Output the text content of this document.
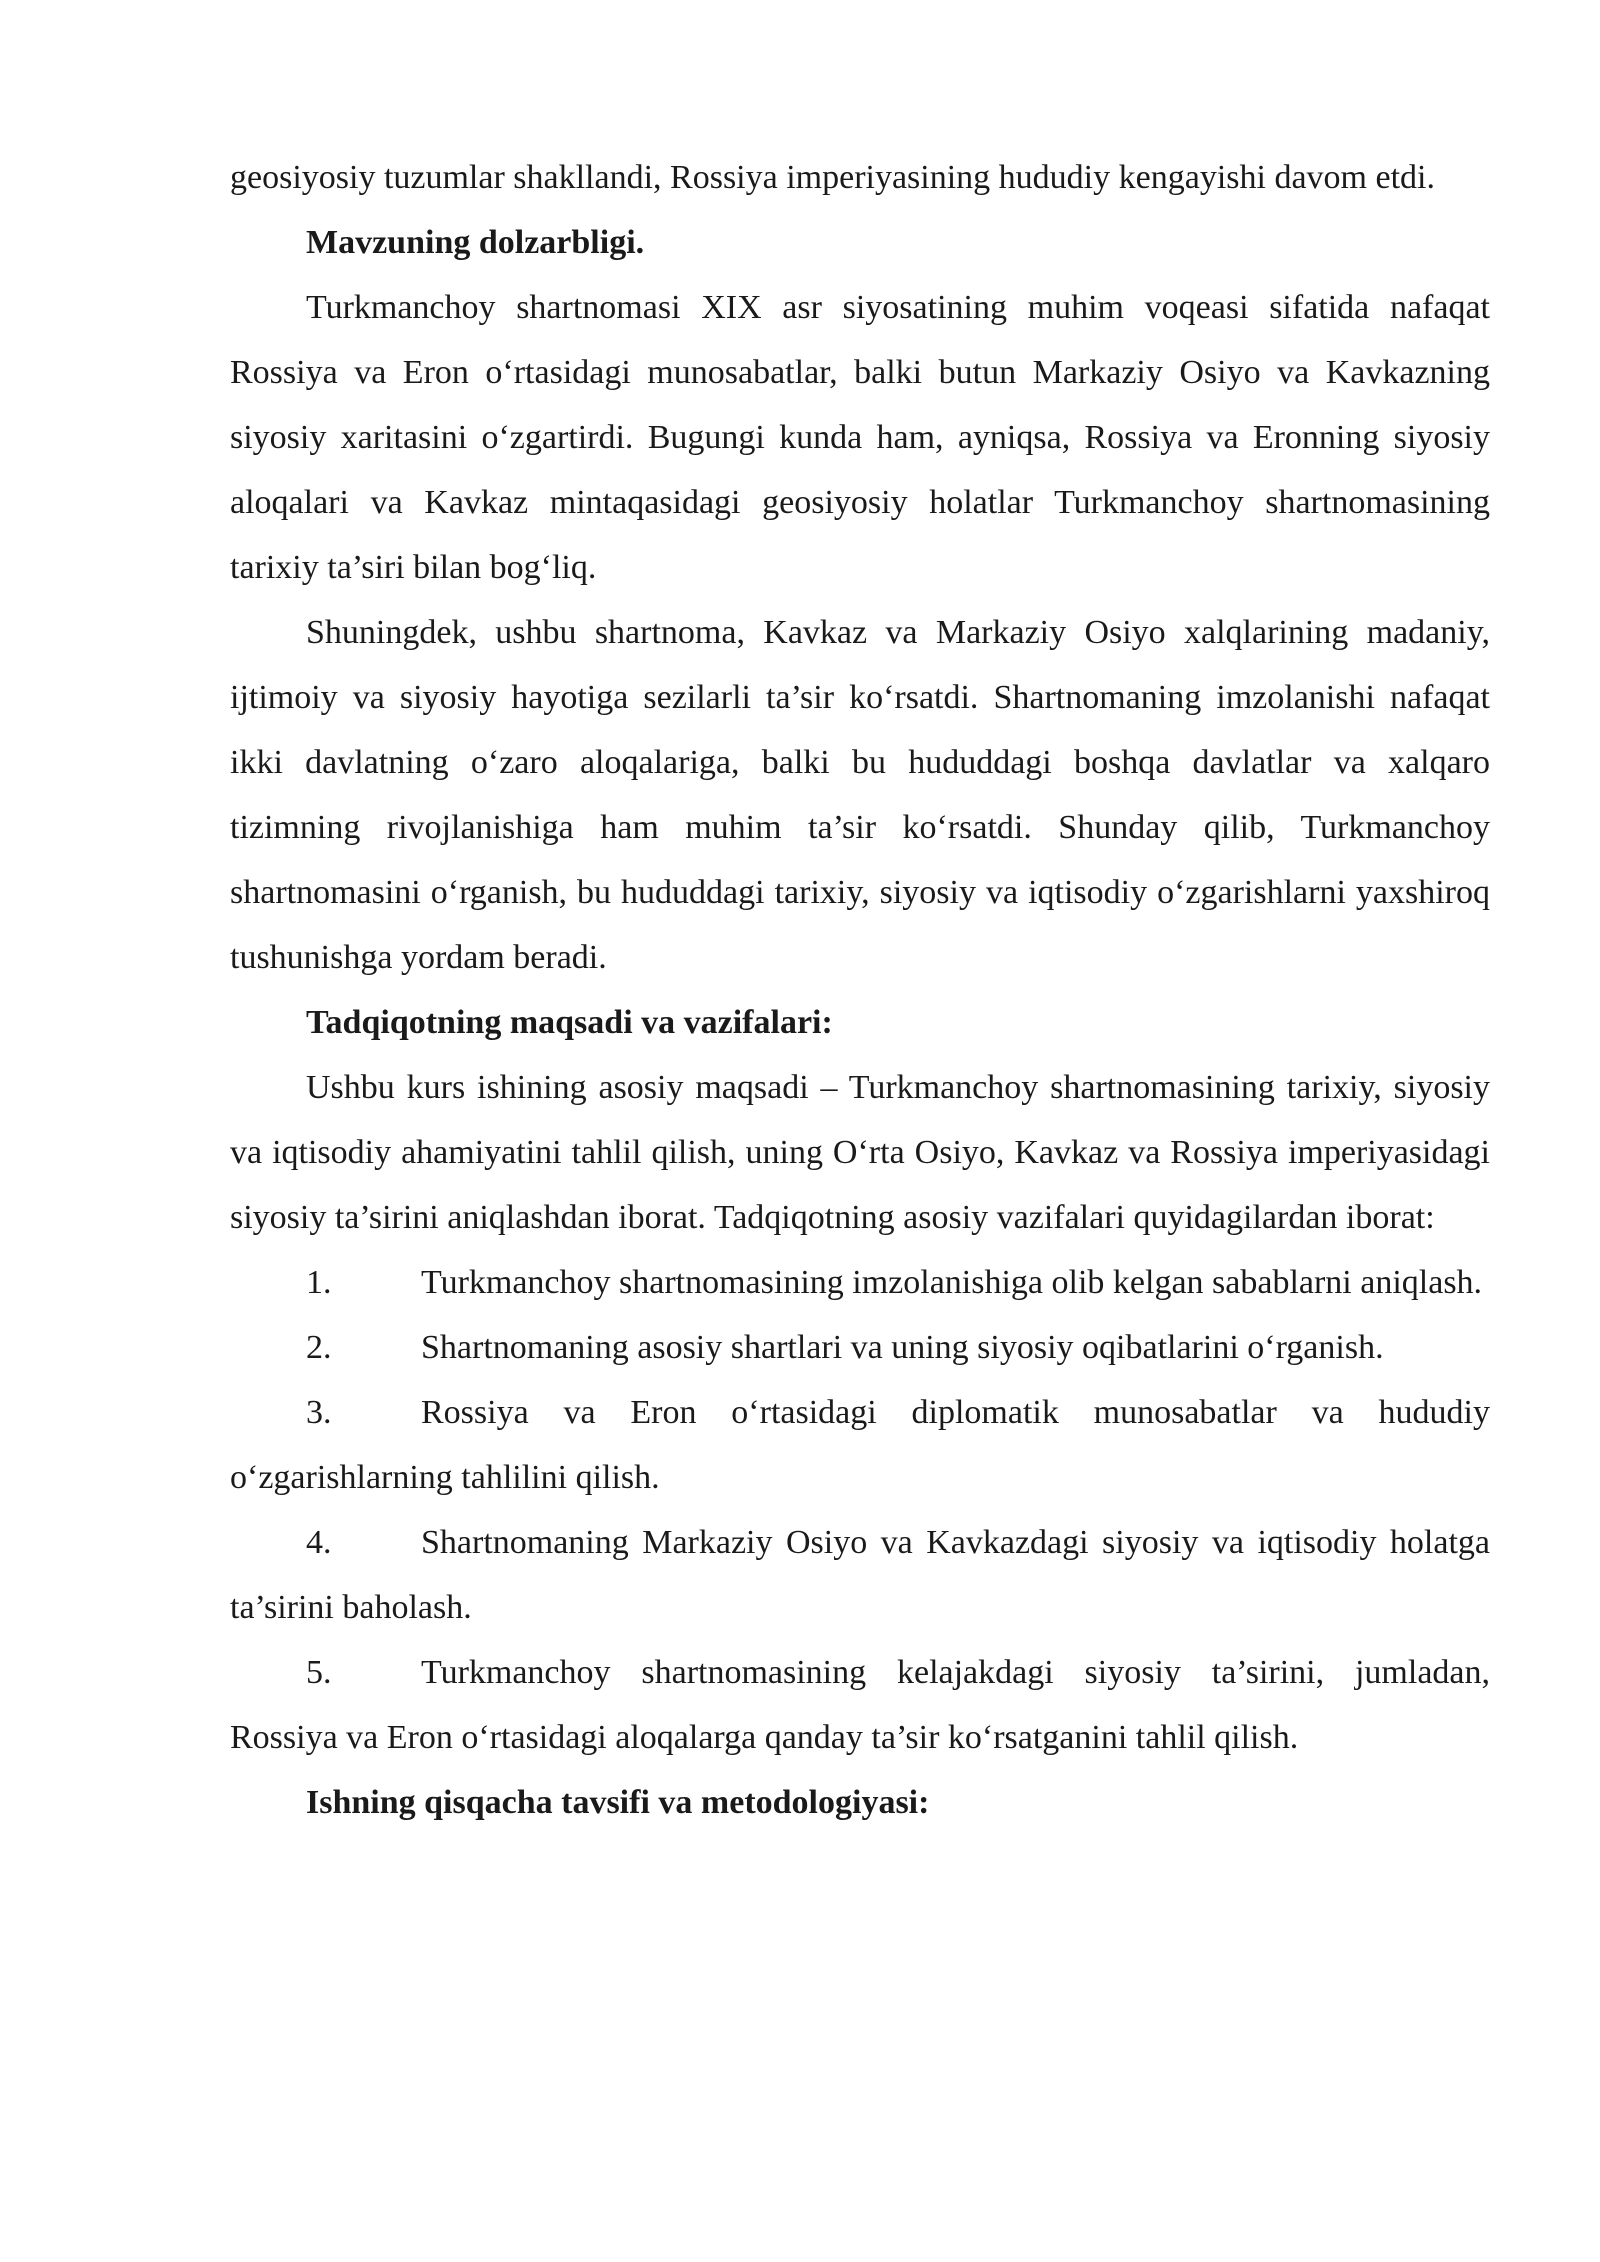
geosiyosiy tuzumlar shakllandi, Rossiya imperiyasining hududiy kengayishi davom etdi.

Mavzuning dolzarbligi.

Turkmanchoy shartnomasi XIX asr siyosatining muhim voqeasi sifatida nafaqat Rossiya va Eron o‘rtasidagi munosabatlar, balki butun Markaziy Osiyo va Kavkazning siyosiy xaritasini o‘zgartirdi. Bugungi kunda ham, ayniqsa, Rossiya va Eronning siyosiy aloqalari va Kavkaz mintaqasidagi geosiyosiy holatlar Turkmanchoy shartnomasining tarixiy ta’siri bilan bog‘liq.

Shuningdek, ushbu shartnoma, Kavkaz va Markaziy Osiyo xalqlarining madaniy, ijtimoiy va siyosiy hayotiga sezilarli ta’sir ko‘rsatdi. Shartnomaning imzolanishi nafaqat ikki davlatning o‘zaro aloqalariga, balki bu hududdagi boshqa davlatlar va xalqaro tizimning rivojlanishiga ham muhim ta’sir ko‘rsatdi. Shunday qilib, Turkmanchoy shartnomasini o‘rganish, bu hududdagi tarixiy, siyosiy va iqtisodiy o‘zgarishlarni yaxshiroq tushunishga yordam beradi.

Tadqiqotning maqsadi va vazifalari:

Ushbu kurs ishining asosiy maqsadi – Turkmanchoy shartnomasining tarixiy, siyosiy va iqtisodiy ahamiyatini tahlil qilish, uning O‘rta Osiyo, Kavkaz va Rossiya imperiyasidagi siyosiy ta’sirini aniqlashdan iborat. Tadqiqotning asosiy vazifalari quyidagilardan iborat:

1.	Turkmanchoy shartnomasining imzolanishiga olib kelgan sabablarni aniqlash.

2.	Shartnomaning asosiy shartlari va uning siyosiy oqibatlarini o‘rganish.

3.	Rossiya va Eron o‘rtasidagi diplomatik munosabatlar va hududiy o‘zgarishlarning tahlilini qilish.

4.	Shartnomaning Markaziy Osiyo va Kavkazdagi siyosiy va iqtisodiy holatga ta’sirini baholash.

5.	Turkmanchoy shartnomasining kelajakdagi siyosiy ta’sirini, jumladan, Rossiya va Eron o‘rtasidagi aloqalarga qanday ta’sir ko‘rsatganini tahlil qilish.

Ishning qisqacha tavsifi va metodologiyasi:
